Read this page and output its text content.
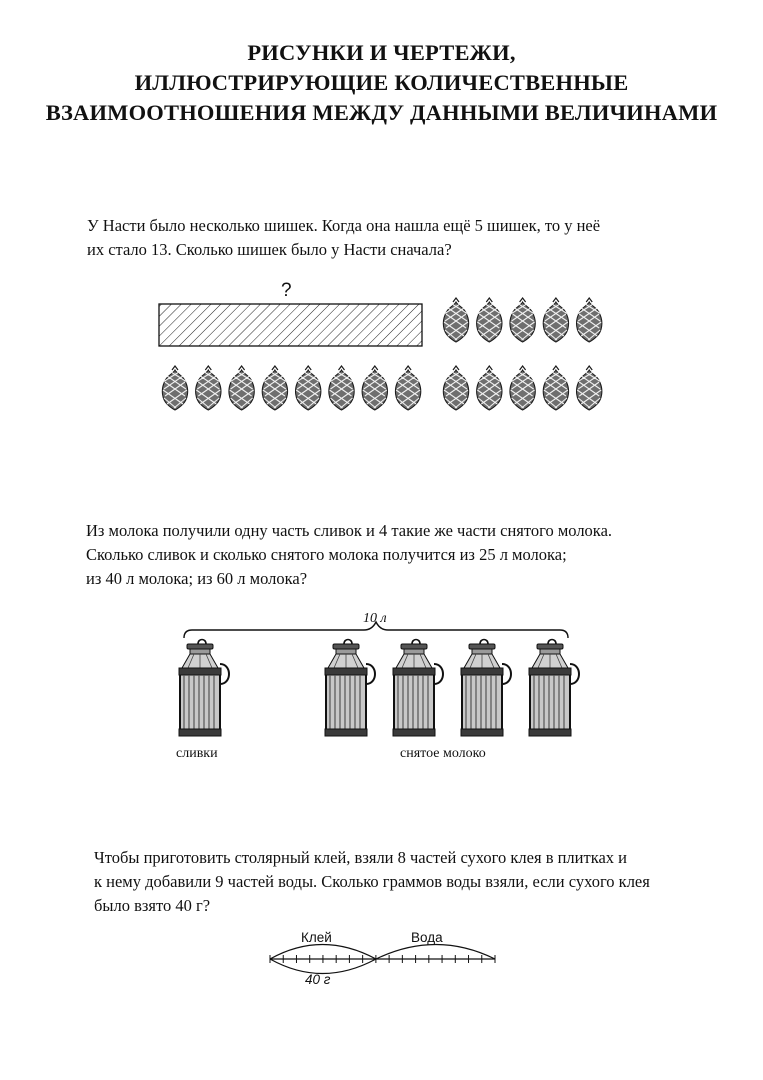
РИСУНКИ И ЧЕРТЕЖИ,
ИЛЛЮСТРИРУЮЩИЕ КОЛИЧЕСТВЕННЫЕ
ВЗАИМООТНОШЕНИЯ МЕЖДУ ДАННЫМИ ВЕЛИЧИНАМИ
У Насти было несколько шишек. Когда она нашла ещё 5 шишек, то у неё
их стало 13. Сколько шишек было у Насти сначала?
?
Из молока получили одну часть сливок и 4 такие же части снятого молока.
Сколько сливок и сколько снятого молока получится из 25 л молока;
из 40 л молока; из 60 л молока?
10 л
сливки	снятое молоко
Чтобы приготовить столярный клей, взяли 8 частей сухого клея в плитках и
к нему добавили 9 частей воды. Сколько граммов воды взяли, если сухого клея
было взято 40 г?
Клей	Вода
40 г
